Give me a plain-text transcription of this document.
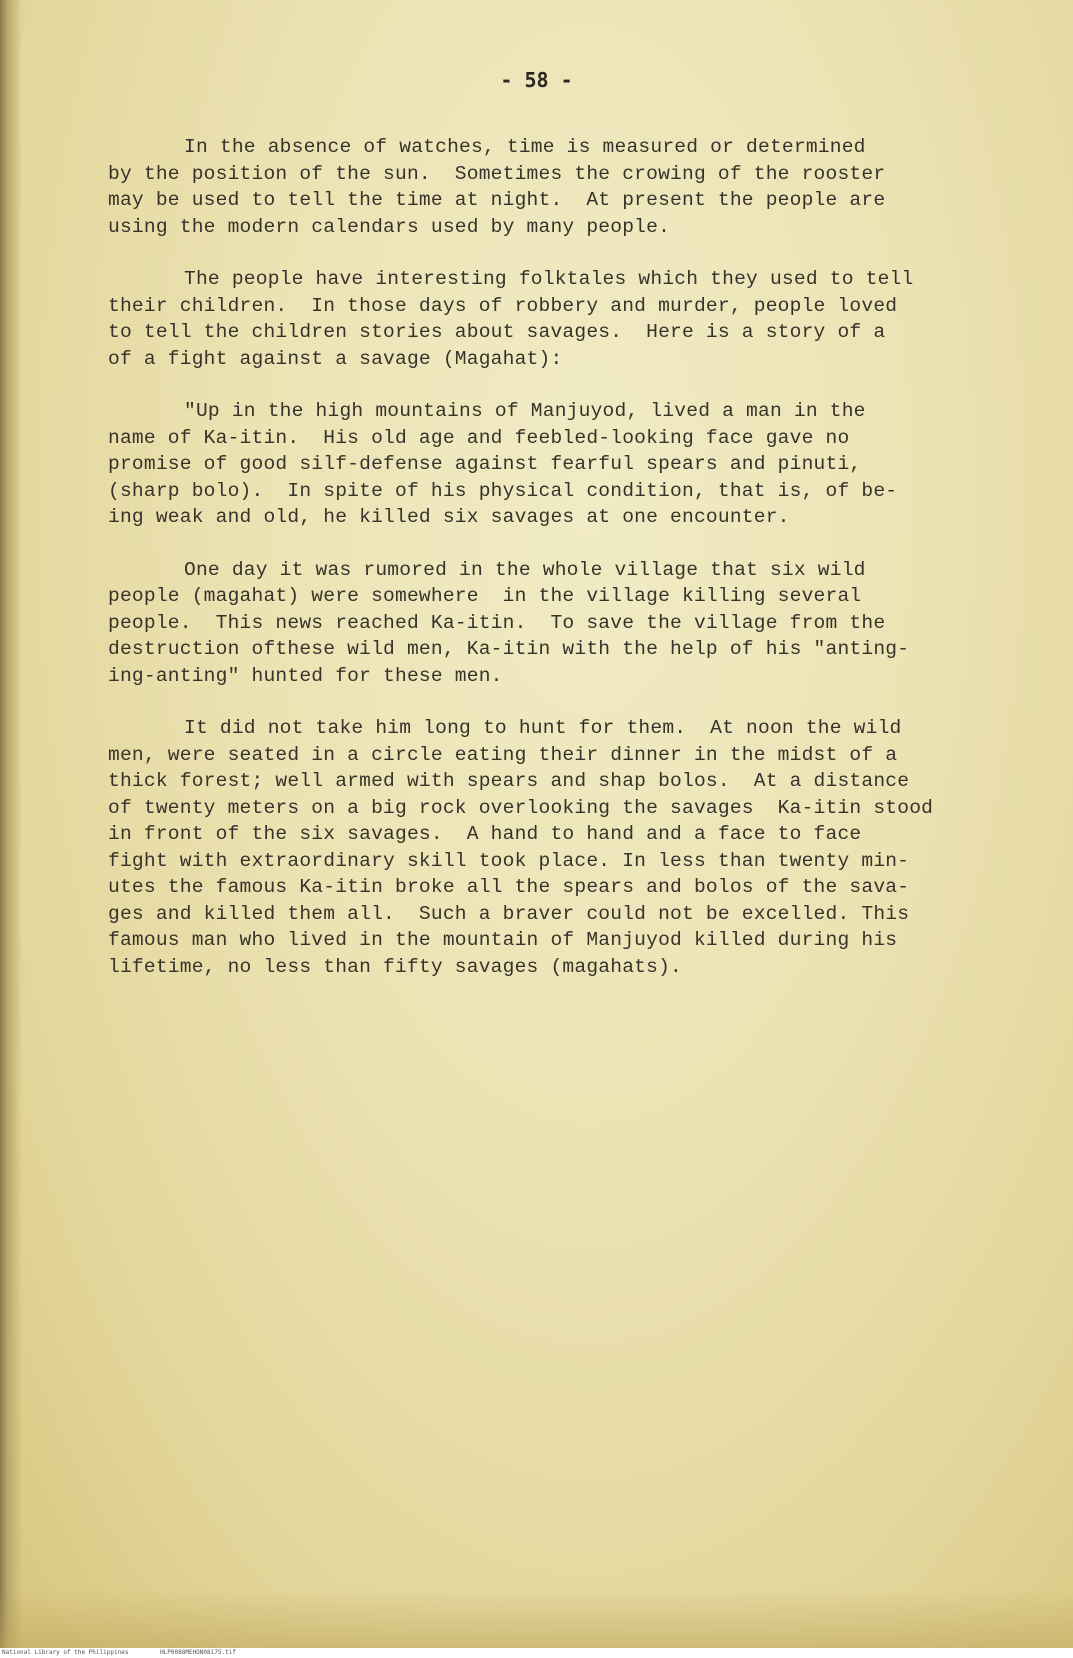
- 58 -
In the absence of watches, time is measured or determined
by the position of the sun.  Sometimes the crowing of the rooster
may be used to tell the time at night.  At present the people are
using the modern calendars used by many people.
The people have interesting folktales which they used to tell
their children.  In those days of robbery and murder, people loved
to tell the children stories about savages.  Here is a story of a
of a fight against a savage (Magahat):
"Up in the high mountains of Manjuyod, lived a man in the
name of Ka-itin.  His old age and feebled-looking face gave no
promise of good silf-defense against fearful spears and pinuti,
(sharp bolo).  In spite of his physical condition, that is, of be-
ing weak and old, he killed six savages at one encounter.
One day it was rumored in the whole village that six wild
people (magahat) were somewhere  in the village killing several
people.  This news reached Ka-itin.  To save the village from the
destruction ofthese wild men, Ka-itin with the help of his "anting-
ing-anting" hunted for these men.
It did not take him long to hunt for them.  At noon the wild
men, were seated in a circle eating their dinner in the midst of a
thick forest; well armed with spears and shap bolos.  At a distance
of twenty meters on a big rock overlooking the savages  Ka-itin stood
in front of the six savages.  A hand to hand and a face to face
fight with extraordinary skill took place. In less than twenty min-
utes the famous Ka-itin broke all the spears and bolos of the sava-
ges and killed them all.  Such a braver could not be excelled. This
famous man who lived in the mountain of Manjuyod killed during his
lifetime, no less than fifty savages (magahats).
National Library of the Philippines	HLP0088MEHON08175.tif
